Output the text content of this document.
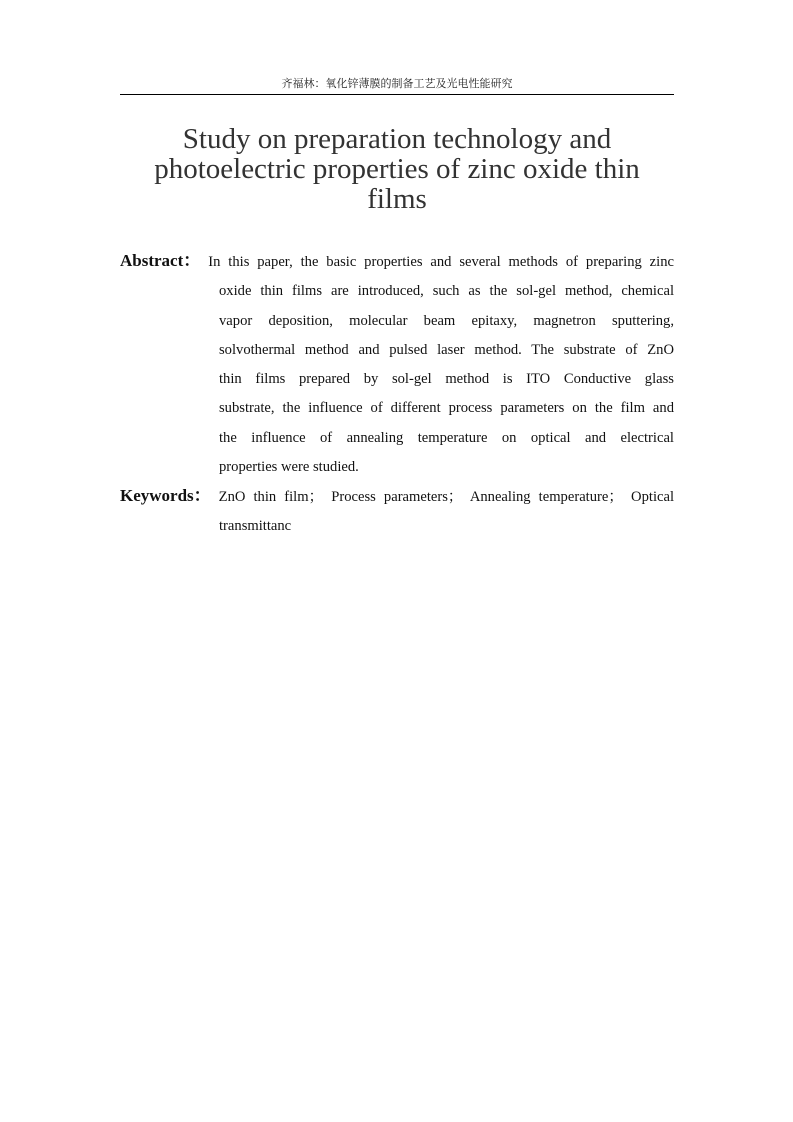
齐福林：氧化锌薄膜的制备工艺及光电性能研究
Study on preparation technology and
photoelectric properties of zinc oxide thin
films
Abstract： In this paper, the basic properties and several methods of preparing zinc
oxide thin films are introduced, such as the sol-gel method, chemical
vapor deposition, molecular beam epitaxy, magnetron sputtering,
solvothermal method and pulsed laser method. The substrate of ZnO
thin films prepared by sol-gel method is ITO Conductive glass
substrate, the influence of different process parameters on the film and
the influence of annealing temperature on optical and electrical
properties were studied.
Keywords： ZnO thin film； Process parameters； Annealing temperature； Optical
transmittanc
